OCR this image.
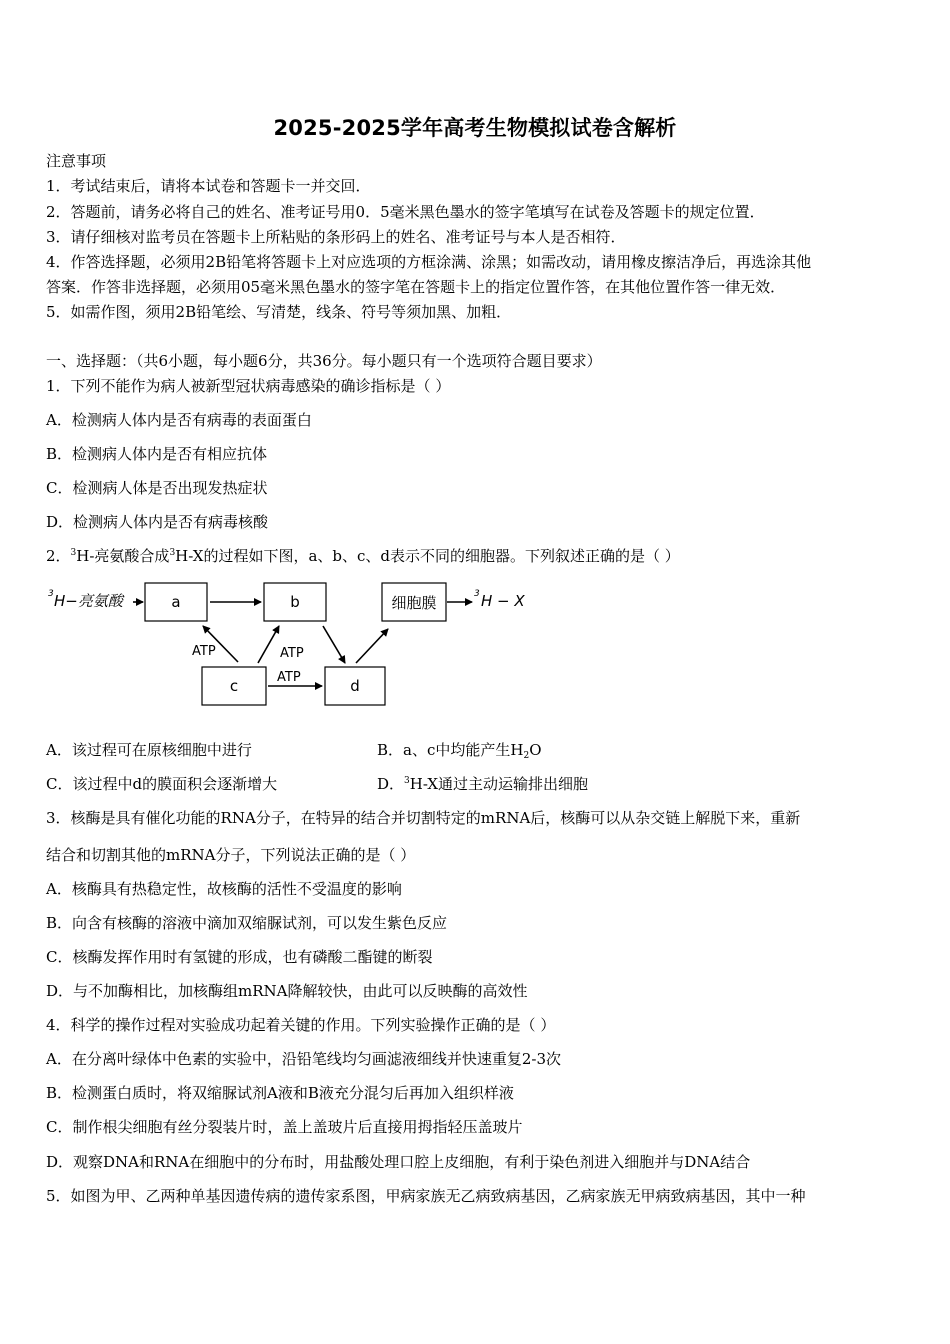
2025-2025学年高考生物模拟试卷含解析
注意事项
1．考试结束后，请将本试卷和答题卡一并交回．
2．答题前，请务必将自己的姓名、准考证号用0．5毫米黑色墨水的签字笔填写在试卷及答题卡的规定位置．
3．请仔细核对监考员在答题卡上所粘贴的条形码上的姓名、准考证号与本人是否相符．
4．作答选择题，必须用2B铅笔将答题卡上对应选项的方框涂满、涂黑；如需改动，请用橡皮擦洁净后，再选涂其他
答案．作答非选择题，必须用05毫米黑色墨水的签字笔在答题卡上的指定位置作答，在其他位置作答一律无效．
5．如需作图，须用2B铅笔绘、写清楚，线条、符号等须加黑、加粗．
一、选择题：（共6小题，每小题6分，共36分。每小题只有一个选项符合题目要求）
1．下列不能作为病人被新型冠状病毒感染的确诊指标是（ ）
A．检测病人体内是否有病毒的表面蛋白
B．检测病人体内是否有相应抗体
C．检测病人体是否出现发热症状
D．检测病人体内是否有病毒核酸
2．$^3$H-亮氨酸合成$^3$H-X的过程如下图，a、b、c、d表示不同的细胞器。下列叙述正确的是（ ）
3 H−亮氨酸	a	b	细胞膜	3 H − X
c	d
ATP	ATP
ATP
A．该过程可在原核细胞中进行	B．a、c中均能产生$H_2O$
C．该过程中d的膜面积会逐渐增大	D．$^3$H-X通过主动运输排出细胞
3．核酶是具有催化功能的RNA分子，在特异的结合并切割特定的mRNA后，核酶可以从杂交链上解脱下来，重新
结合和切割其他的mRNA分子，下列说法正确的是（ ）
A．核酶具有热稳定性，故核酶的活性不受温度的影响
B．向含有核酶的溶液中滴加双缩脲试剂，可以发生紫色反应
C．核酶发挥作用时有氢键的形成，也有磷酸二酯键的断裂
D．与不加酶相比，加核酶组mRNA降解较快，由此可以反映酶的高效性
4．科学的操作过程对实验成功起着关键的作用。下列实验操作正确的是（ ）
A．在分离叶绿体中色素的实验中，沿铅笔线均匀画滤液细线并快速重复2-3次
B．检测蛋白质时，将双缩脲试剂A液和B液充分混匀后再加入组织样液
C．制作根尖细胞有丝分裂装片时，盖上盖玻片后直接用拇指轻压盖玻片
D．观察DNA和RNA在细胞中的分布时，用盐酸处理口腔上皮细胞，有利于染色剂进入细胞并与DNA结合
5．如图为甲、乙两种单基因遗传病的遗传家系图，甲病家族无乙病致病基因，乙病家族无甲病致病基因，其中一种
